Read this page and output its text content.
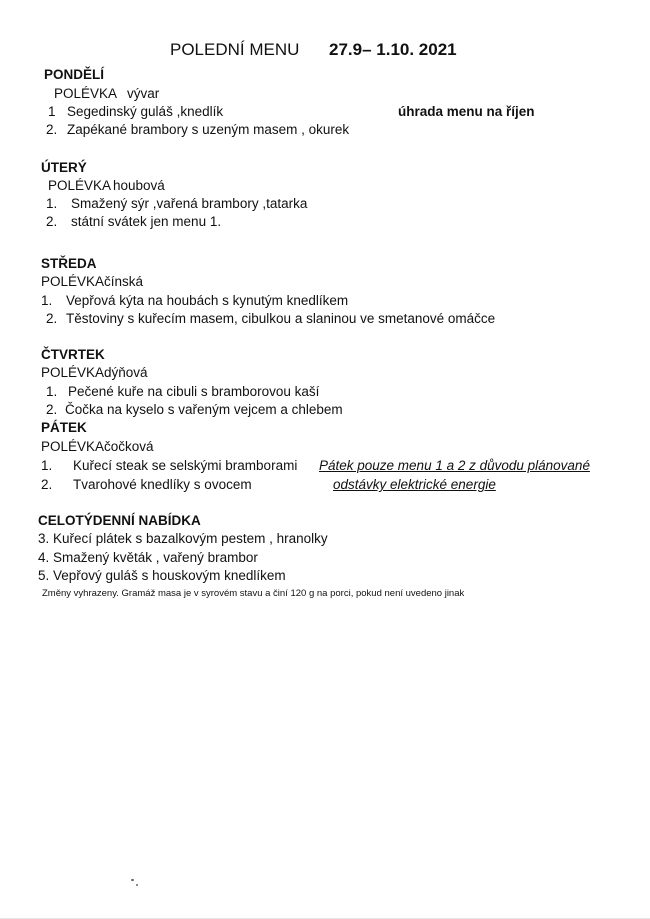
POLEDNÍ MENU 27.9– 1.10. 2021
PONDĚLÍ
POLÉVKA vývar
1 Segedinský guláš ,knedlík	úhrada menu na říjen
2. Zapékané brambory s uzeným masem , okurek
ÚTERÝ
POLÉVKA houbová
1. Smažený sýr ,vařená brambory ,tatarka
2. státní svátek jen menu 1.
STŘEDA
POLÉVKA čínská
1. Vepřová kýta na houbách s kynutým knedlíkem
2. Těstoviny s kuřecím masem, cibulkou a slaninou ve smetanové omáčce
ČTVRTEK
POLÉVKA dýňová
1. Pečené kuře na cibuli s bramborovou kaší
2. Čočka na kyselo s vařeným vejcem a chlebem
PÁTEK
POLÉVKA čočková
1. Kuřecí steak se selskými bramborami Pátek pouze menu 1 a 2 z důvodu plánované
2. Tvarohové knedlíky s ovocem	odstávky elektrické energie
CELOTÝDENNÍ NABÍDKA
3. Kuřecí plátek s bazalkovým pestem , hranolky
4. Smažený květák , vařený brambor
5. Vepřový guláš s houskovým knedlíkem
Změny vyhrazeny. Gramáž masa je v syrovém stavu a činí 120 g na porci, pokud není uvedeno jinak
